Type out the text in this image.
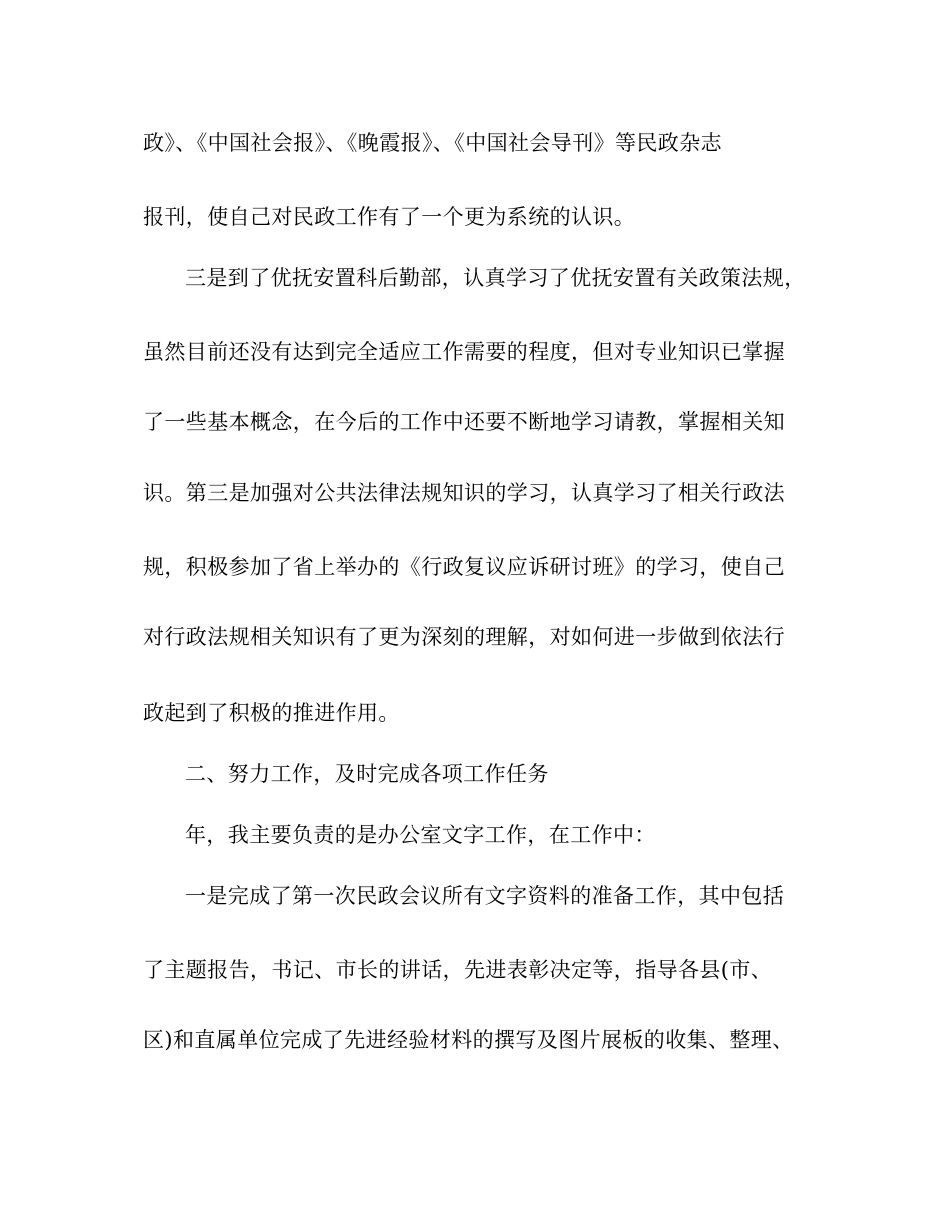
政》、《中国社会报》、《晚霞报》、《中国社会导刊》等民政杂志
报刊，使自己对民政工作有了一个更为系统的认识。
三是到了优抚安置科后勤部，认真学习了优抚安置有关政策法规，
虽然目前还没有达到完全适应工作需要的程度，但对专业知识已掌握
了一些基本概念，在今后的工作中还要不断地学习请教，掌握相关知
识。第三是加强对公共法律法规知识的学习，认真学习了相关行政法
规，积极参加了省上举办的《行政复议应诉研讨班》的学习，使自己
对行政法规相关知识有了更为深刻的理解，对如何进一步做到依法行
政起到了积极的推进作用。
二、努力工作，及时完成各项工作任务
年，我主要负责的是办公室文字工作，在工作中：
一是完成了第一次民政会议所有文字资料的准备工作，其中包括
了主题报告，书记、市长的讲话，先进表彰决定等，指导各县(市、
区)和直属单位完成了先进经验材料的撰写及图片展板的收集、整理、
